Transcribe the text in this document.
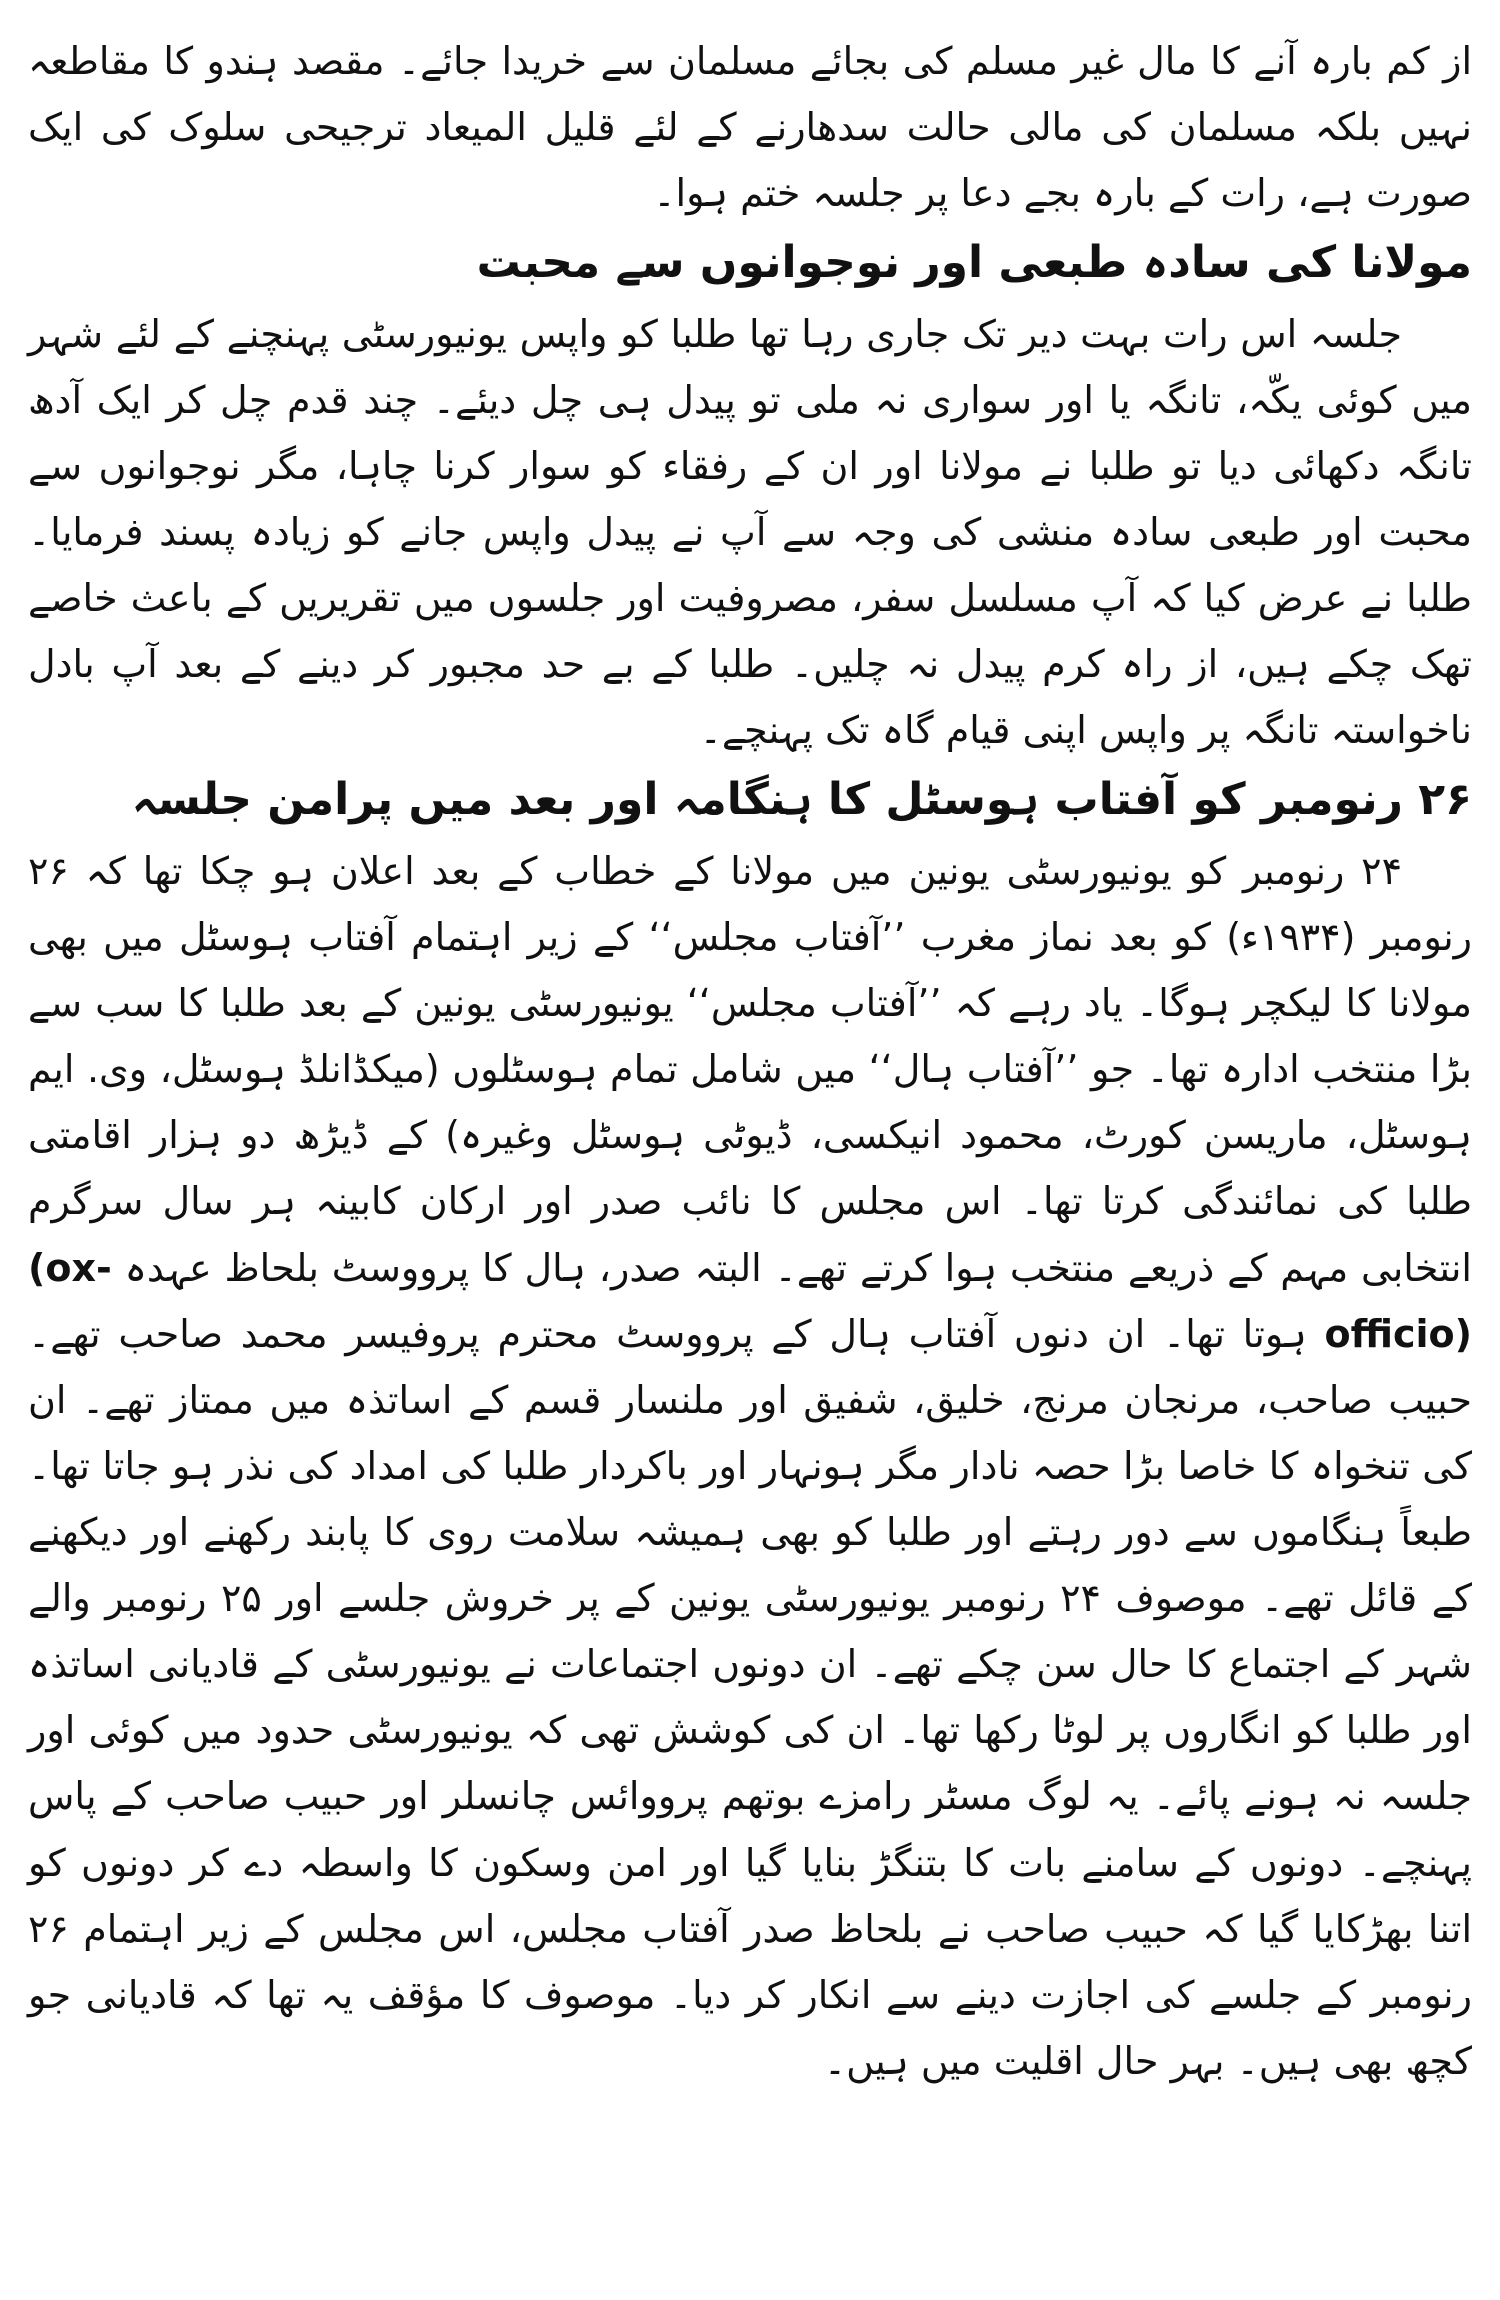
از کم بارہ آنے کا مال غیر مسلم کی بجائے مسلمان سے خریدا جائے۔ مقصد ہندو کا مقاطعہ نہیں بلکہ مسلمان کی مالی حالت سدھارنے کے لئے قلیل المیعاد ترجیحی سلوک کی ایک صورت ہے، رات کے بارہ بجے دعا پر جلسہ ختم ہوا۔

مولانا کی سادہ طبعی اور نوجوانوں سے محبت

جلسہ اس رات بہت دیر تک جاری رہا تھا طلبا کو واپس یونیورسٹی پہنچنے کے لئے شہر میں کوئی یکّہ، تانگہ یا اور سواری نہ ملی تو پیدل ہی چل دیئے۔ چند قدم چل کر ایک آدھ تانگہ دکھائی دیا تو طلبا نے مولانا اور ان کے رفقاء کو سوار کرنا چاہا، مگر نوجوانوں سے محبت اور طبعی سادہ منشی کی وجہ سے آپ نے پیدل واپس جانے کو زیادہ پسند فرمایا۔ طلبا نے عرض کیا کہ آپ مسلسل سفر، مصروفیت اور جلسوں میں تقریریں کے باعث خاصے تھک چکے ہیں، از راہ کرم پیدل نہ چلیں۔ طلبا کے بے حد مجبور کر دینے کے بعد آپ بادل ناخواستہ تانگہ پر واپس اپنی قیام گاہ تک پہنچے۔

۲۶ رنومبر کو آفتاب ہوسٹل کا ہنگامہ اور بعد میں پرامن جلسہ

۲۴ رنومبر کو یونیورسٹی یونین میں مولانا کے خطاب کے بعد اعلان ہو چکا تھا کہ ۲۶ رنومبر (۱۹۳۴ء) کو بعد نماز مغرب ’’آفتاب مجلس‘‘ کے زیر اہتمام آفتاب ہوسٹل میں بھی مولانا کا لیکچر ہوگا۔ یاد رہے کہ ’’آفتاب مجلس‘‘ یونیورسٹی یونین کے بعد طلبا کا سب سے بڑا منتخب ادارہ تھا۔ جو ’’آفتاب ہال‘‘ میں شامل تمام ہوسٹلوں (میکڈانلڈ ہوسٹل، وی. ایم ہوسٹل، ماریسن کورٹ، محمود انیکسی، ڈیوٹی ہوسٹل وغیرہ) کے ڈیڑھ دو ہزار اقامتی طلبا کی نمائندگی کرتا تھا۔ اس مجلس کا نائب صدر اور ارکان کابینہ ہر سال سرگرم انتخابی مہم کے ذریعے منتخب ہوا کرتے تھے۔ البتہ صدر، ہال کا پرووسٹ بلحاظ عہدہ (ox-officio) ہوتا تھا۔ ان دنوں آفتاب ہال کے پرووسٹ محترم پروفیسر محمد صاحب تھے۔ حبیب صاحب، مرنجان مرنج، خلیق، شفیق اور ملنسار قسم کے اساتذہ میں ممتاز تھے۔ ان کی تنخواہ کا خاصا بڑا حصہ نادار مگر ہونہار اور باکردار طلبا کی امداد کی نذر ہو جاتا تھا۔ طبعاً ہنگاموں سے دور رہتے اور طلبا کو بھی ہمیشہ سلامت روی کا پابند رکھنے اور دیکھنے کے قائل تھے۔ موصوف ۲۴ رنومبر یونیورسٹی یونین کے پر خروش جلسے اور ۲۵ رنومبر والے شہر کے اجتماع کا حال سن چکے تھے۔ ان دونوں اجتماعات نے یونیورسٹی کے قادیانی اساتذہ اور طلبا کو انگاروں پر لوٹا رکھا تھا۔ ان کی کوشش تھی کہ یونیورسٹی حدود میں کوئی اور جلسہ نہ ہونے پائے۔ یہ لوگ مسٹر رامزے بوتھم پرووائس چانسلر اور حبیب صاحب کے پاس پہنچے۔ دونوں کے سامنے بات کا بتنگڑ بنایا گیا اور امن وسکون کا واسطہ دے کر دونوں کو اتنا بھڑکایا گیا کہ حبیب صاحب نے بلحاظ صدر آفتاب مجلس، اس مجلس کے زیر اہتمام ۲۶ رنومبر کے جلسے کی اجازت دینے سے انکار کر دیا۔ موصوف کا مؤقف یہ تھا کہ قادیانی جو کچھ بھی ہیں۔ بہر حال اقلیت میں ہیں۔
